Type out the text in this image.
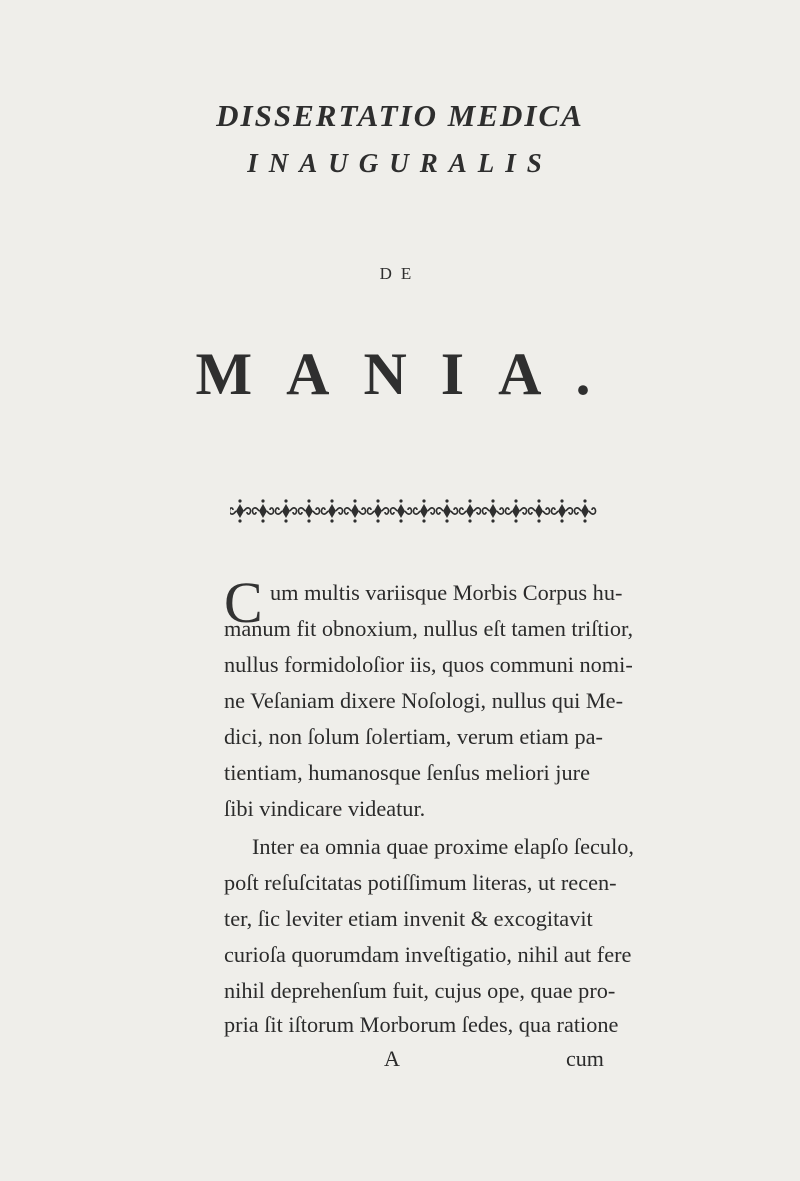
DISSERTATIO MEDICA
INAUGURALIS
DE
MANIA.
C um multis variisque Morbis Corpus hu-
manum fit obnoxium, nullus eſt tamen triſtior,
nullus formidoloſior iis, quos communi nomi-
ne Veſaniam dixere Noſologi, nullus qui Me-
dici, non ſolum ſolertiam, verum etiam pa-
tientiam, humanosque ſenſus meliori jure
ſibi vindicare videatur.
Inter ea omnia quae proxime elapſo ſeculo,
poſt reſuſcitatas potiſſimum literas, ut recen-
ter, ſic leviter etiam invenit & excogitavit
curioſa quorumdam inveſtigatio, nihil aut fere
nihil deprehenſum fuit, cujus ope, quae pro-
pria ſit iſtorum Morborum ſedes, qua ratione
A	cum
